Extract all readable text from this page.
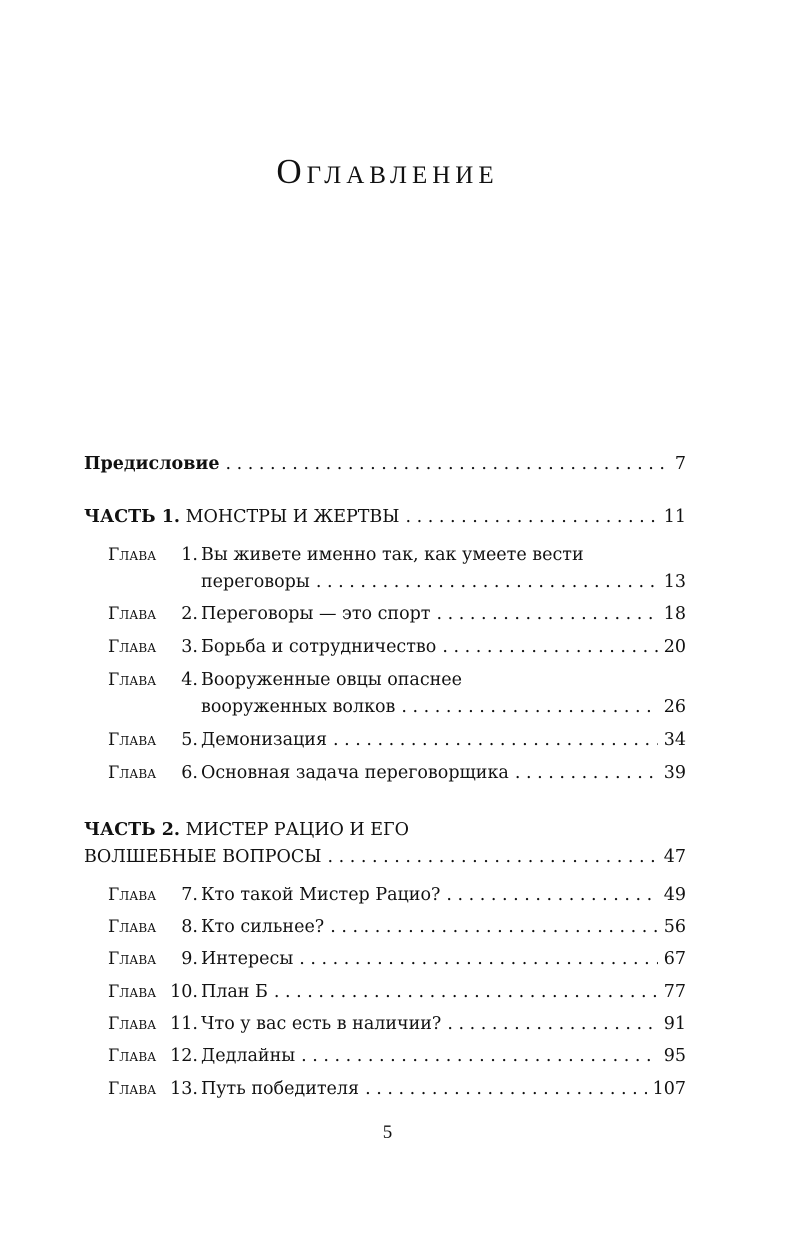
Оглавление
Предисловие . . .	7
ЧАСТЬ 1. МОНСТРЫ И ЖЕРТВЫ . . .	11
Глава 1. Вы живете именно так, как умеете вести
переговоры . . .	13
Глава 2. Переговоры — это спорт . . .	18
Глава 3. Борьба и сотрудничество . . .	20
Глава 4. Вооруженные овцы опаснее
вооруженных волков . . .	26
Глава 5. Демонизация . . .	34
Глава 6. Основная задача переговорщика . . .	39
ЧАСТЬ 2. МИСТЕР РАЦИО И ЕГО
ВОЛШЕБНЫЕ ВОПРОСЫ . . .	47
Глава 7. Кто такой Мистер Рацио? . . .	49
Глава 8. Кто сильнее? . . .	56
Глава 9. Интересы . . .	67
Глава 10. План Б . . .	77
Глава 11. Что у вас есть в наличии? . . .	91
Глава 12. Дедлайны . . .	95
Глава 13. Путь победителя . . .	107
5
